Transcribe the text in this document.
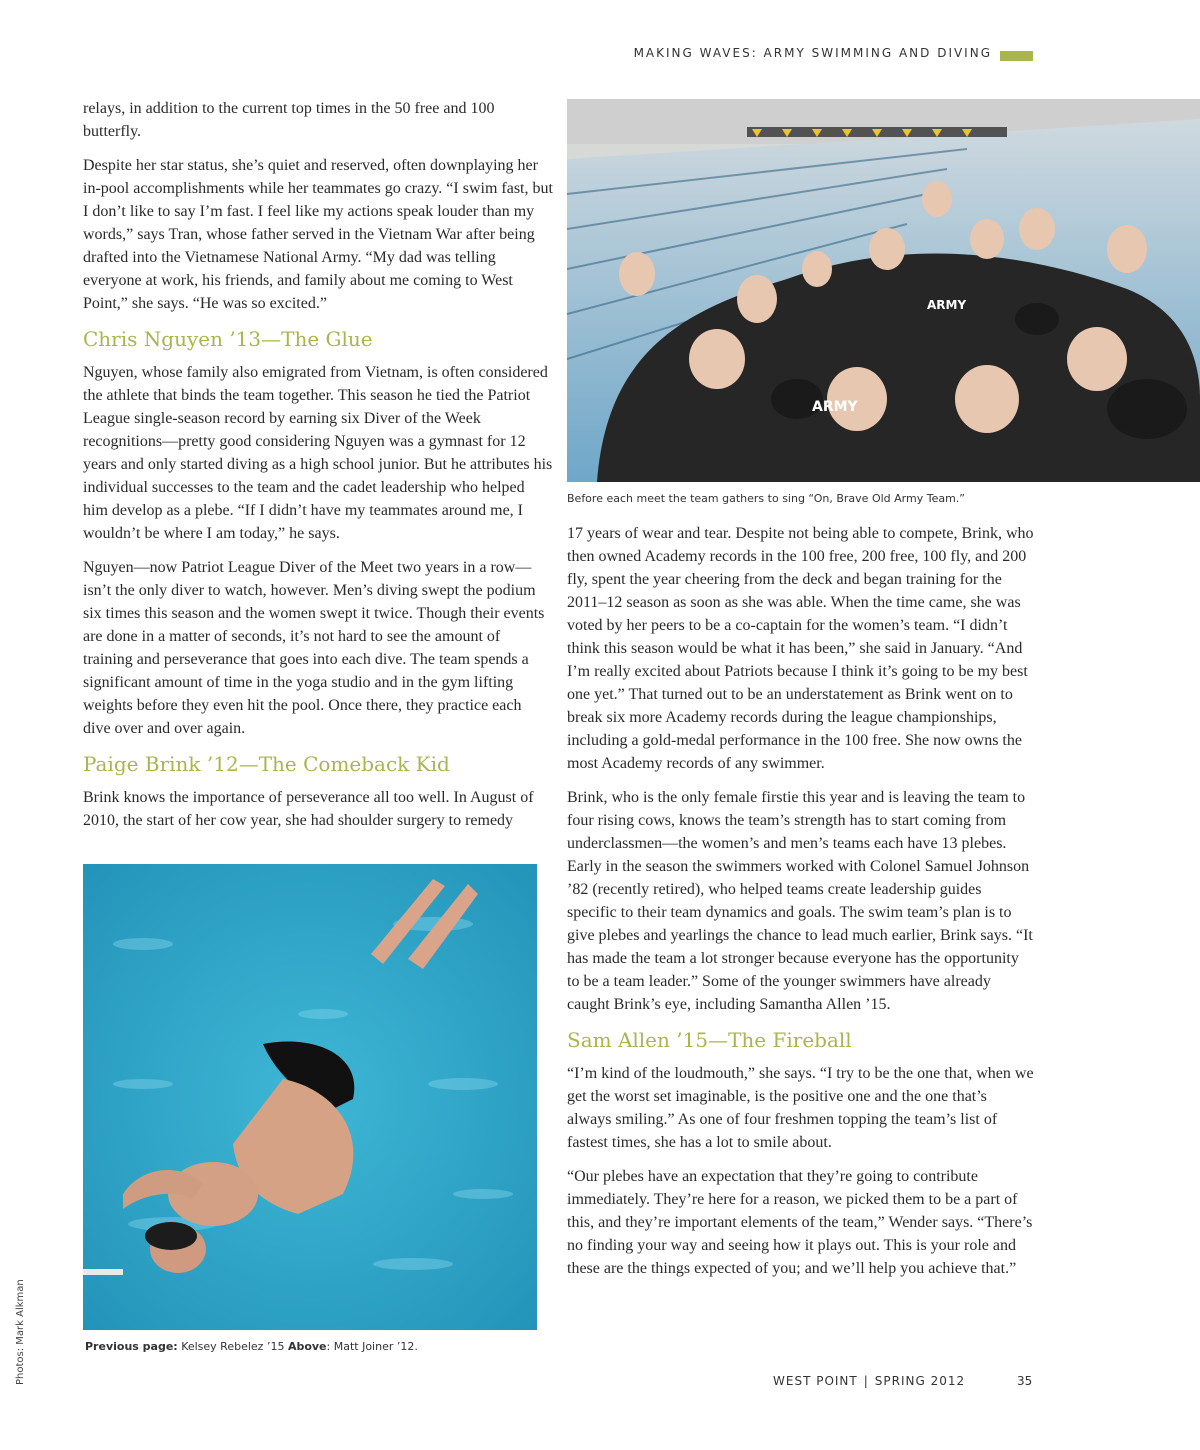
MAKING WAVES: ARMY SWIMMING AND DIVING

relays, in addition to the current top times in the 50 free and 100 butterfly.

Despite her star status, she’s quiet and reserved, often downplaying her in-pool accomplishments while her teammates go crazy. “I swim fast, but I don’t like to say I’m fast. I feel like my actions speak louder than my words,” says Tran, whose father served in the Vietnam War after being drafted into the Vietnamese National Army. “My dad was telling everyone at work, his friends, and family about me coming to West Point,” she says. “He was so excited.”

Chris Nguyen ’13—The Glue

Nguyen, whose family also emigrated from Vietnam, is often considered the athlete that binds the team together. This season he tied the Patriot League single-season record by earning six Diver of the Week recognitions—pretty good considering Nguyen was a gymnast for 12 years and only started diving as a high school junior. But he attributes his individual successes to the team and the cadet leadership who helped him develop as a plebe. “If I didn’t have my teammates around me, I wouldn’t be where I am today,” he says.

Nguyen—now Patriot League Diver of the Meet two years in a row—isn’t the only diver to watch, however. Men’s diving swept the podium six times this season and the women swept it twice. Though their events are done in a matter of seconds, it’s not hard to see the amount of training and perseverance that goes into each dive. The team spends a significant amount of time in the yoga studio and in the gym lifting weights before they even hit the pool. Once there, they practice each dive over and over again.

Paige Brink ’12—The Comeback Kid

Brink knows the importance of perseverance all too well. In August of 2010, the start of her cow year, she had shoulder surgery to remedy

ARMY
ARMY
Before each meet the team gathers to sing “On, Brave Old Army Team.”

17 years of wear and tear. Despite not being able to compete, Brink, who then owned Academy records in the 100 free, 200 free, 100 fly, and 200 fly, spent the year cheering from the deck and began training for the 2011–12 season as soon as she was able. When the time came, she was voted by her peers to be a co-captain for the women’s team. “I didn’t think this season would be what it has been,” she said in January. “And I’m really excited about Patriots because I think it’s going to be my best one yet.” That turned out to be an understatement as Brink went on to break six more Academy records during the league championships, including a gold-medal performance in the 100 free. She now owns the most Academy records of any swimmer.

Brink, who is the only female firstie this year and is leaving the team to four rising cows, knows the team’s strength has to start coming from underclassmen—the women’s and men’s teams each have 13 plebes. Early in the season the swimmers worked with Colonel Samuel Johnson ’82 (recently retired), who helped teams create leadership guides specific to their team dynamics and goals. The swim team’s plan is to give plebes and yearlings the chance to lead much earlier, Brink says. “It has made the team a lot stronger because everyone has the opportunity to be a team leader.” Some of the younger swimmers have already caught Brink’s eye, including Samantha Allen ’15.

Sam Allen ’15—The Fireball

“I’m kind of the loudmouth,” she says. “I try to be the one that, when we get the worst set imaginable, is the positive one and the one that’s always smiling.” As one of four freshmen topping the team’s list of fastest times, she has a lot to smile about.

“Our plebes have an expectation that they’re going to contribute immediately. They’re here for a reason, we picked them to be a part of this, and they’re important elements of the team,” Wender says. “There’s no finding your way and seeing how it plays out. This is your role and these are the things expected of you; and we’ll help you achieve that.”

Previous page: Kelsey Rebelez ’15 Above: Matt Joiner ’12.
Photos: Mark Alkman	WEST POINT | SPRING 2012	35
